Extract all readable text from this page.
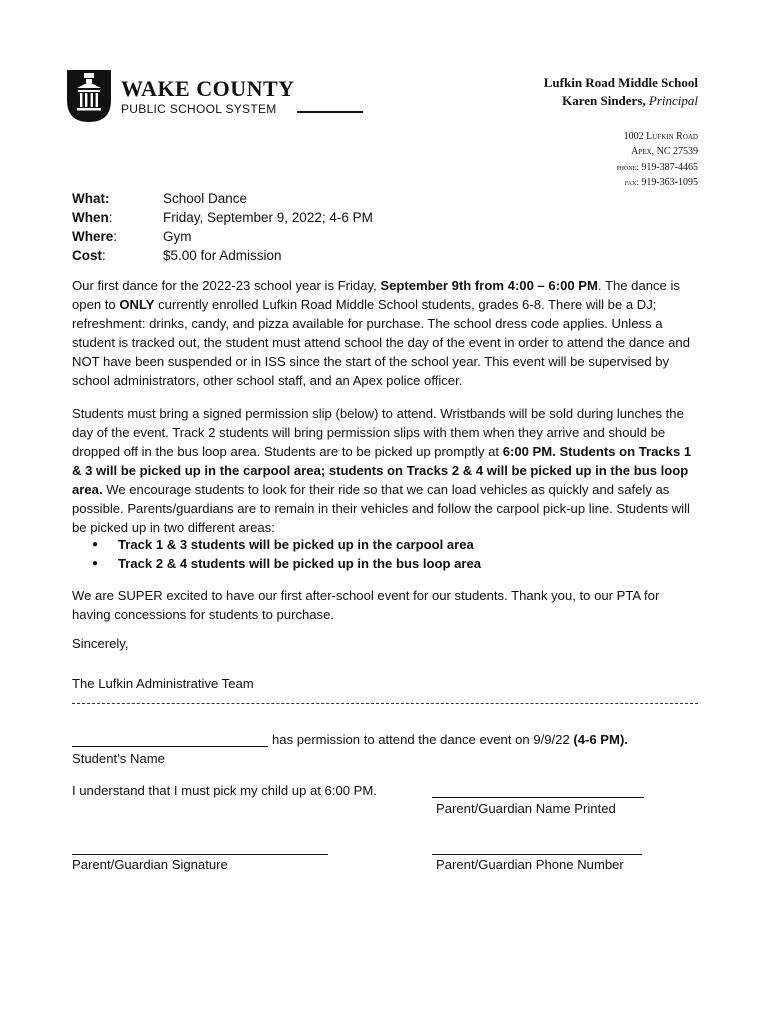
WAKE COUNTY
PUBLIC SCHOOL SYSTEM
Lufkin Road Middle School
Karen Sinders, Principal
1002 Lufkin Road
Apex, NC 27539
phone: 919-387-4465
fax: 919-363-1095
What:	School Dance
When:	Friday, September 9, 2022; 4-6 PM
Where:	Gym
Cost:	$5.00 for Admission

Our first dance for the 2022-23 school year is Friday, September 9th from 4:00 – 6:00 PM. The dance is open to ONLY currently enrolled Lufkin Road Middle School students, grades 6-8. There will be a DJ; refreshment: drinks, candy, and pizza available for purchase. The school dress code applies. Unless a student is tracked out, the student must attend school the day of the event in order to attend the dance and NOT have been suspended or in ISS since the start of the school year. This event will be supervised by school administrators, other school staff, and an Apex police officer.

Students must bring a signed permission slip (below) to attend. Wristbands will be sold during lunches the day of the event. Track 2 students will bring permission slips with them when they arrive and should be dropped off in the bus loop area. Students are to be picked up promptly at 6:00 PM. Students on Tracks 1 & 3 will be picked up in the carpool area; students on Tracks 2 & 4 will be picked up in the bus loop area. We encourage students to look for their ride so that we can load vehicles as quickly and safely as possible. Parents/guardians are to remain in their vehicles and follow the carpool pick-up line. Students will be picked up in two different areas:

● Track 1 & 3 students will be picked up in the carpool area
● Track 2 & 4 students will be picked up in the bus loop area

We are SUPER excited to have our first after-school event for our students. Thank you, to our PTA for having concessions for students to purchase.

Sincerely,
The Lufkin Administrative Team
has permission to attend the dance event on 9/9/22 (4-6 PM).
Student’s Name
I understand that I must pick my child up at 6:00 PM.
Parent/Guardian Name Printed
Parent/Guardian Signature	Parent/Guardian Phone Number
